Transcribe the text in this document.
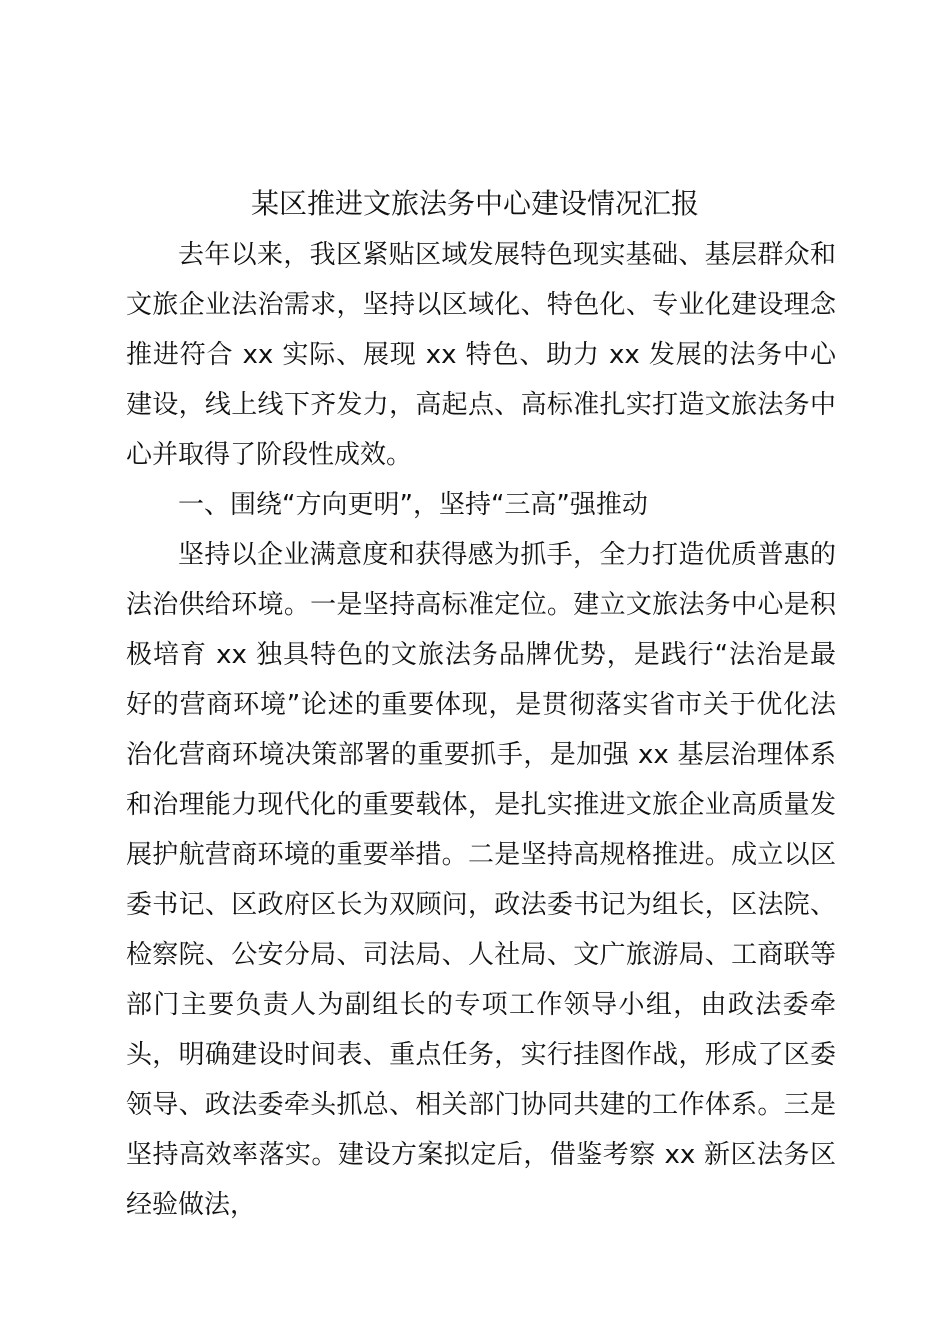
某区推进文旅法务中心建设情况汇报

去年以来，我区紧贴区域发展特色现实基础、基层群众和文旅企业法治需求，坚持以区域化、特色化、专业化建设理念推进符合 xx 实际、展现 xx 特色、助力 xx 发展的法务中心建设，线上线下齐发力，高起点、高标准扎实打造文旅法务中心并取得了阶段性成效。

一、围绕“方向更明”，坚持“三高”强推动

坚持以企业满意度和获得感为抓手，全力打造优质普惠的法治供给环境。一是坚持高标准定位。建立文旅法务中心是积极培育 xx 独具特色的文旅法务品牌优势，是践行“法治是最好的营商环境”论述的重要体现，是贯彻落实省市关于优化法治化营商环境决策部署的重要抓手，是加强 xx 基层治理体系和治理能力现代化的重要载体，是扎实推进文旅企业高质量发展护航营商环境的重要举措。二是坚持高规格推进。成立以区委书记、区政府区长为双顾问，政法委书记为组长，区法院、检察院、公安分局、司法局、人社局、文广旅游局、工商联等部门主要负责人为副组长的专项工作领导小组，由政法委牵头，明确建设时间表、重点任务，实行挂图作战，形成了区委领导、政法委牵头抓总、相关部门协同共建的工作体系。三是坚持高效率落实。建设方案拟定后，借鉴考察 xx 新区法务区经验做法，
